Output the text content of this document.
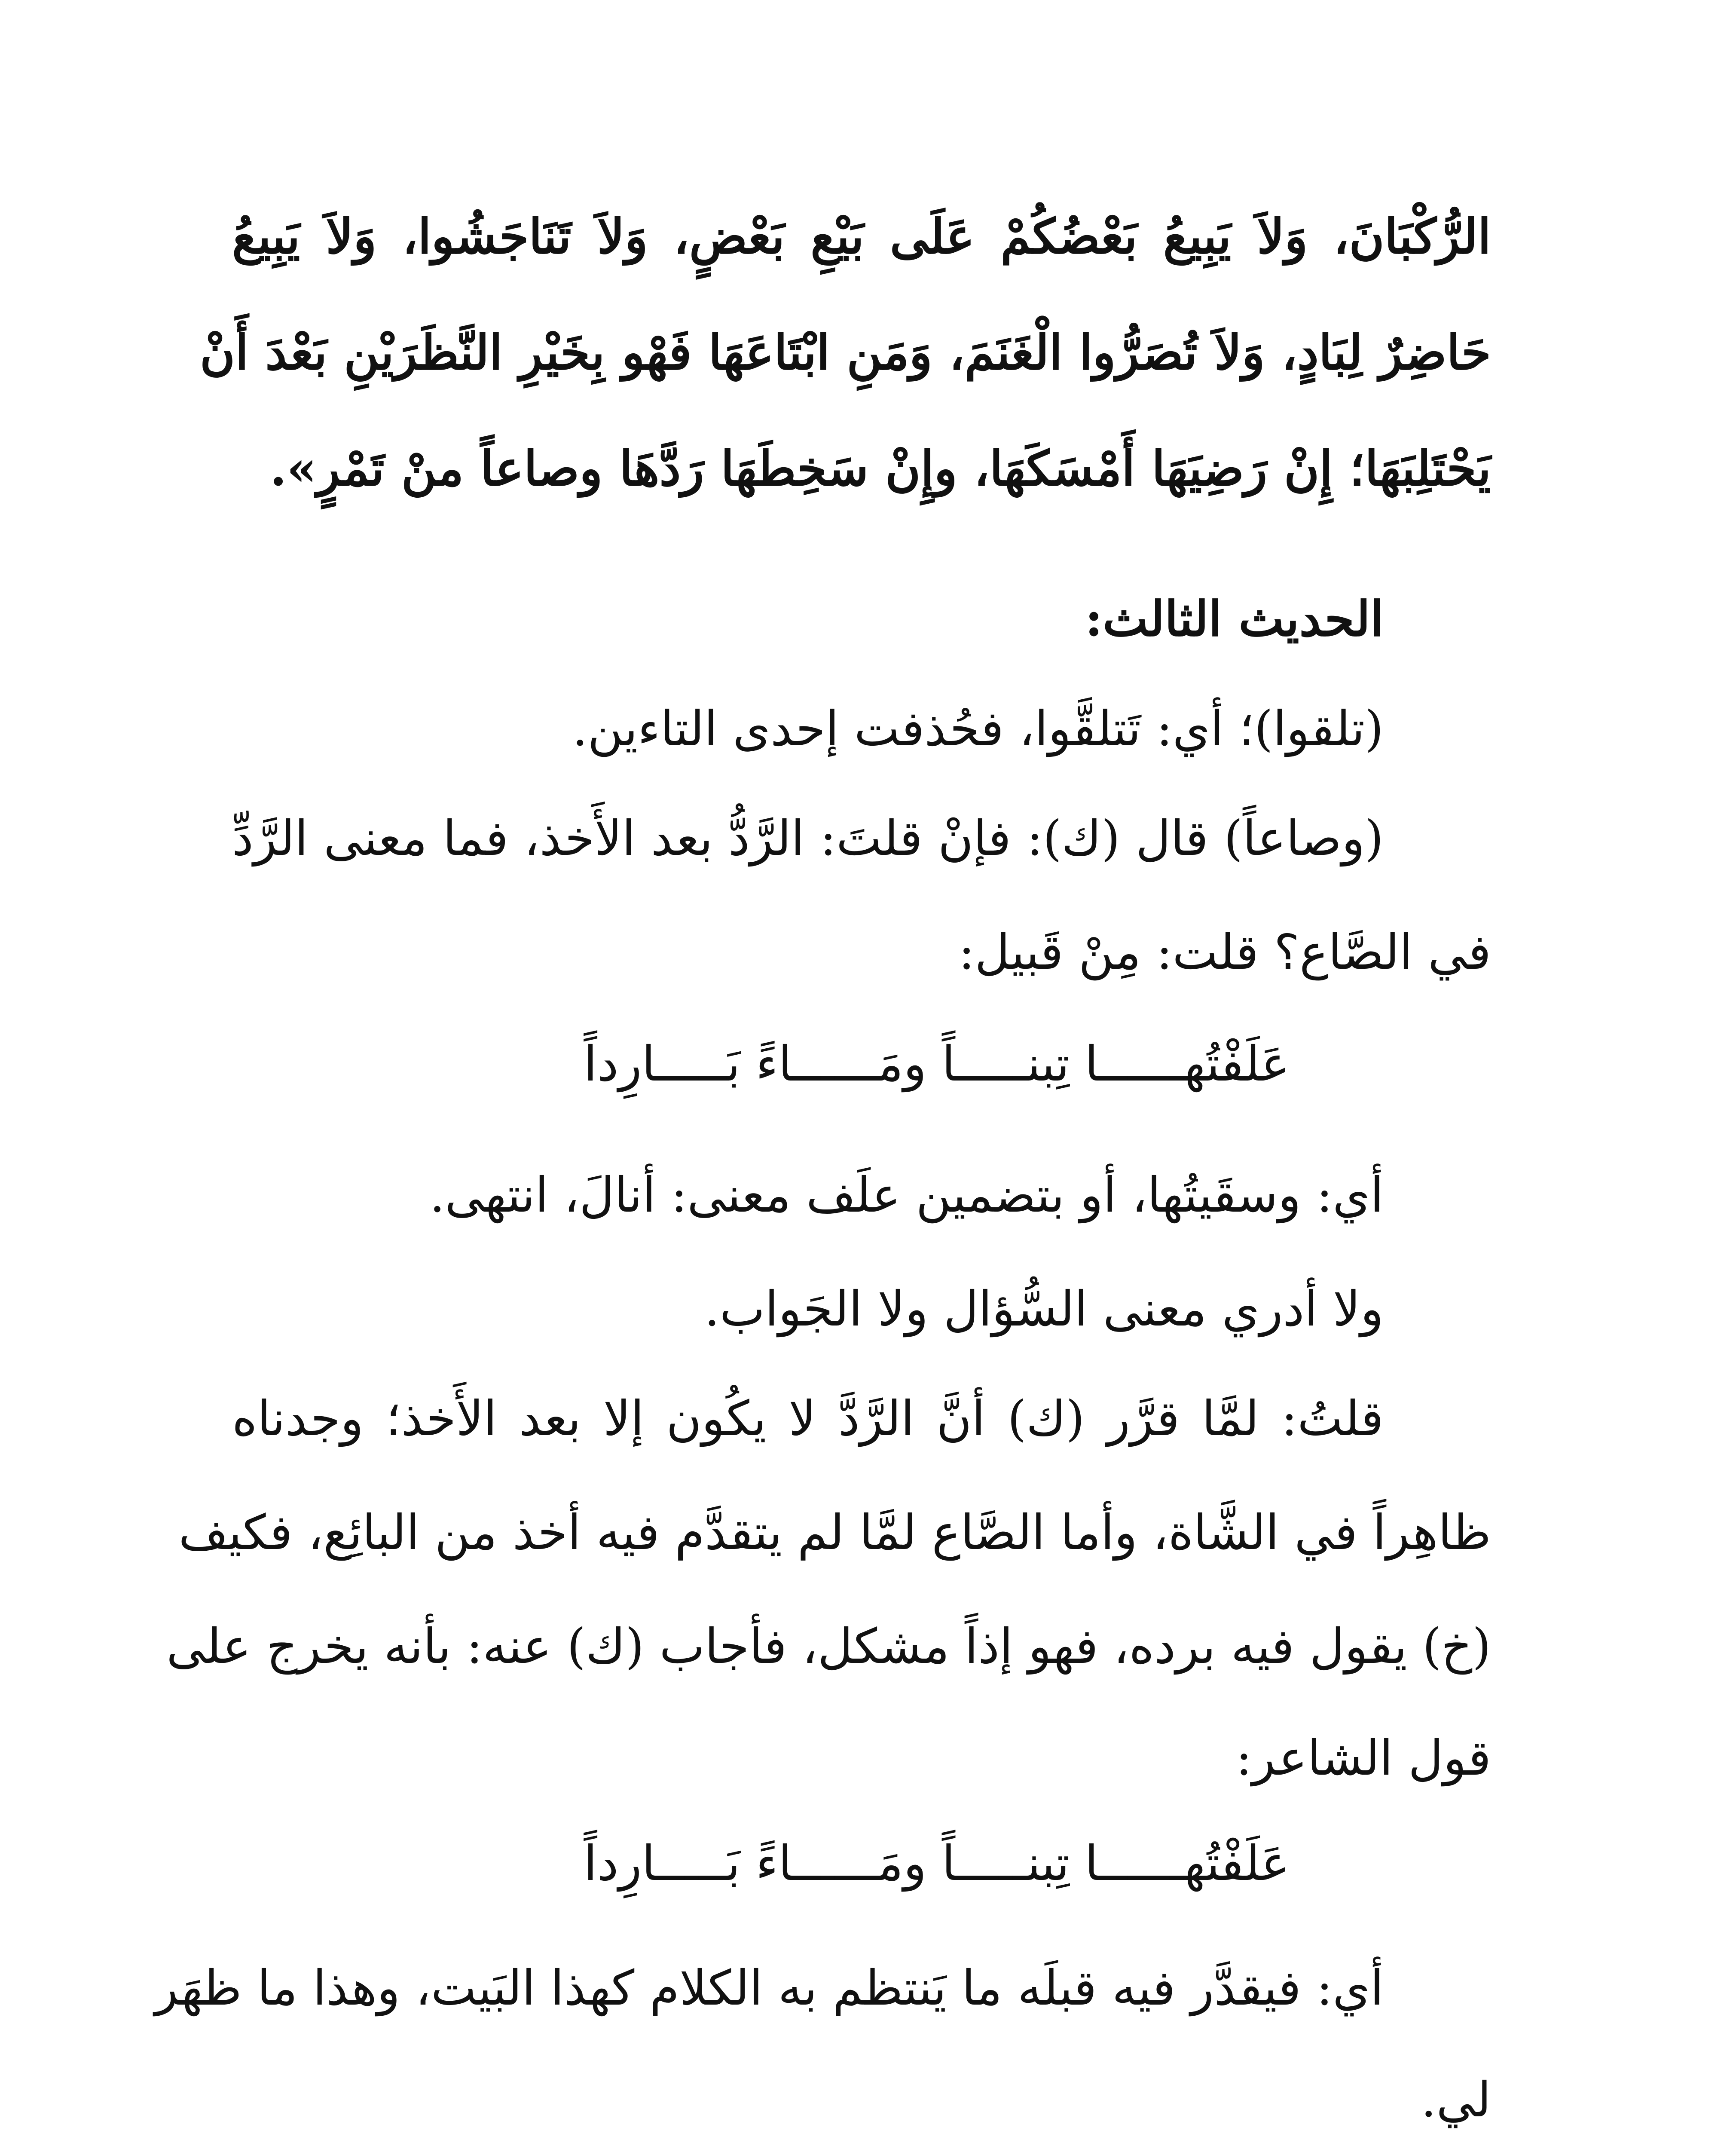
الرُّكْبَانَ، وَلاَ يَبِيعُ بَعْضُكُمْ عَلَى بَيْعِ بَعْضٍ، وَلاَ تَنَاجَشُوا، وَلاَ يَبِيعُ
حَاضِرٌ لِبَادٍ، وَلاَ تُصَرُّوا الْغَنَمَ، وَمَنِ ابْتَاعَهَا فَهْو بِخَيْرِ النَّظَرَيْنِ بَعْدَ أَنْ
يَحْتَلِبَهَا؛ إِنْ رَضِيَهَا أَمْسَكَهَا، وإِنْ سَخِطَهَا رَدَّهَا وصاعاً منْ تَمْرٍ».
الحديث الثالث:
(تلقوا)؛ أي: تَتلقَّوا، فحُذفت إحدى التاءين.
(وصاعاً) قال (ك): فإنْ قلتَ: الرَّدُّ بعد الأَخذ، فما معنى الرَّدِّ
في الصَّاع؟ قلت: مِنْ قَبيل:
عَلَفْتُهــــــا تِبنـــــاً ومَــــــاءً بَـــــارِداً
أي: وسقَيتُها، أو بتضمين علَف معنى: أنالَ، انتهى.
ولا أدري معنى السُّؤال ولا الجَواب.
قلتُ: لمَّا قرَّر (ك) أنَّ الرَّدَّ لا يكُون إلا بعد الأَخذ؛ وجدناه
ظاهِراً في الشَّاة، وأما الصَّاع لمَّا لم يتقدَّم فيه أخذ من البائِع، فكيف
(خ) يقول فيه برده، فهو إذاً مشكل، فأجاب (ك) عنه: بأنه يخرج على
قول الشاعر:
عَلَفْتُهــــــا تِبنـــــاً ومَــــــاءً بَـــــارِداً
أي: فيقدَّر فيه قبلَه ما يَنتظم به الكلام كهذا البَيت، وهذا ما ظهَر
لي.
